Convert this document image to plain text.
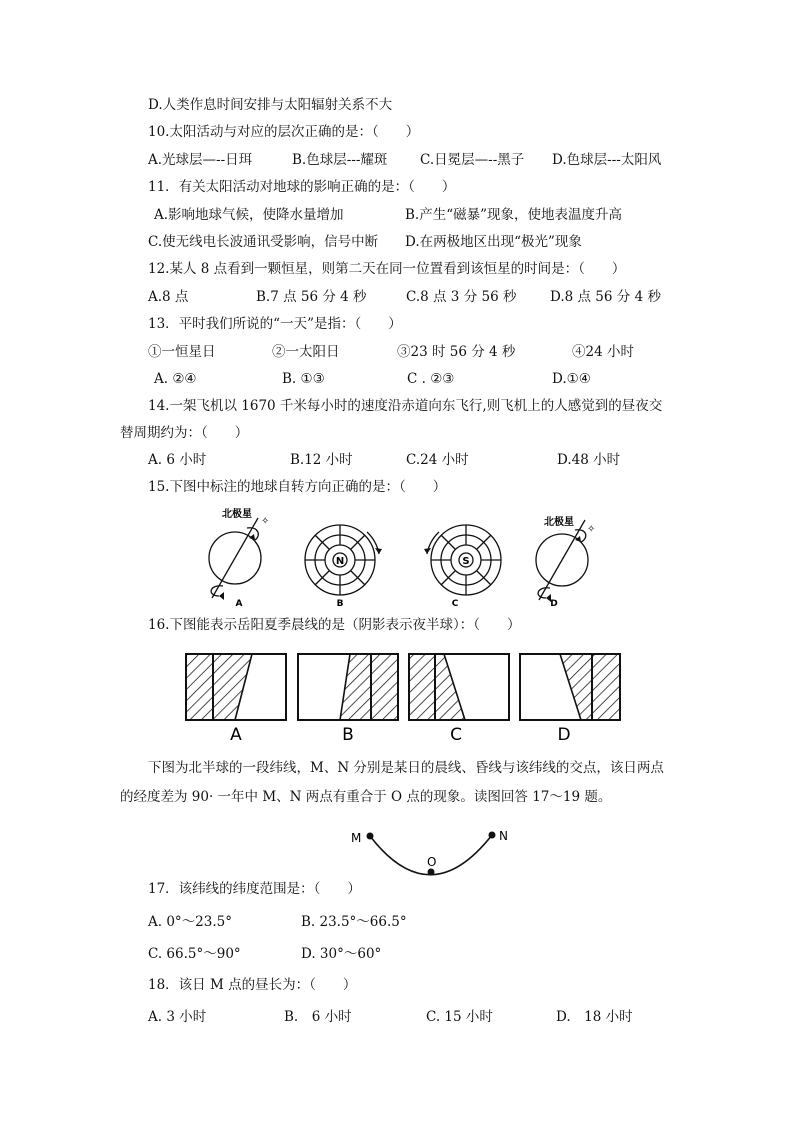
D.人类作息时间安排与太阳辐射关系不大
10.太阳活动与对应的层次正确的是：（　　）
A.光球层—--日珥	B.色球层---耀斑 C.日冕层—--黑子 D.色球层---太阳风
11．有关太阳活动对地球的影响正确的是：（　　）
A.影响地球气候，使降水量增加	B.产生“磁暴”现象，使地表温度升高
C.使无线电长波通讯受影响，信号中断 D.在两极地区出现“极光”现象
12.某人 8 点看到一颗恒星，则第二天在同一位置看到该恒星的时间是：（　　）
A.8 点	B.7 点 56 分 4 秒	C.8 点 3 分 56 秒 D.8 点 56 分 4 秒
13．平时我们所说的“一天”是指：（　　）
①一恒星日	②一太阳日	③23 时 56 分 4 秒	④24 小时
A. ②④	B. ①③	C . ②③	D.①④
14.一架飞机以 1670 千米每小时的速度沿赤道向东飞行,则飞机上的人感觉到的昼夜交
替周期约为：（　　）
A. 6 小时	B.12 小时	C.24 小时	D.48 小时
15.下图中标注的地球自转方向正确的是：（　　）
北极星
✧	北极星
✧
N	S
A	B	C	D
16.下图能表示岳阳夏季晨线的是（阴影表示夜半球）：（　　）
A	B	C	D
下图为北半球的一段纬线，M、N 分别是某日的晨线、昏线与该纬线的交点，该日两点
的经度差为 90· 一年中 M、N 两点有重合于 O 点的现象。读图回答 17～19 题。
M	N
O
17．该纬线的纬度范围是：（　　）
A. 0°～23.5°	B. 23.5°～66.5°
C. 66.5°～90°	D. 30°～60°
18．该日 M 点的昼长为：（　　）
A. 3 小时	B.　6 小时	C. 15 小时	D.　18 小时
